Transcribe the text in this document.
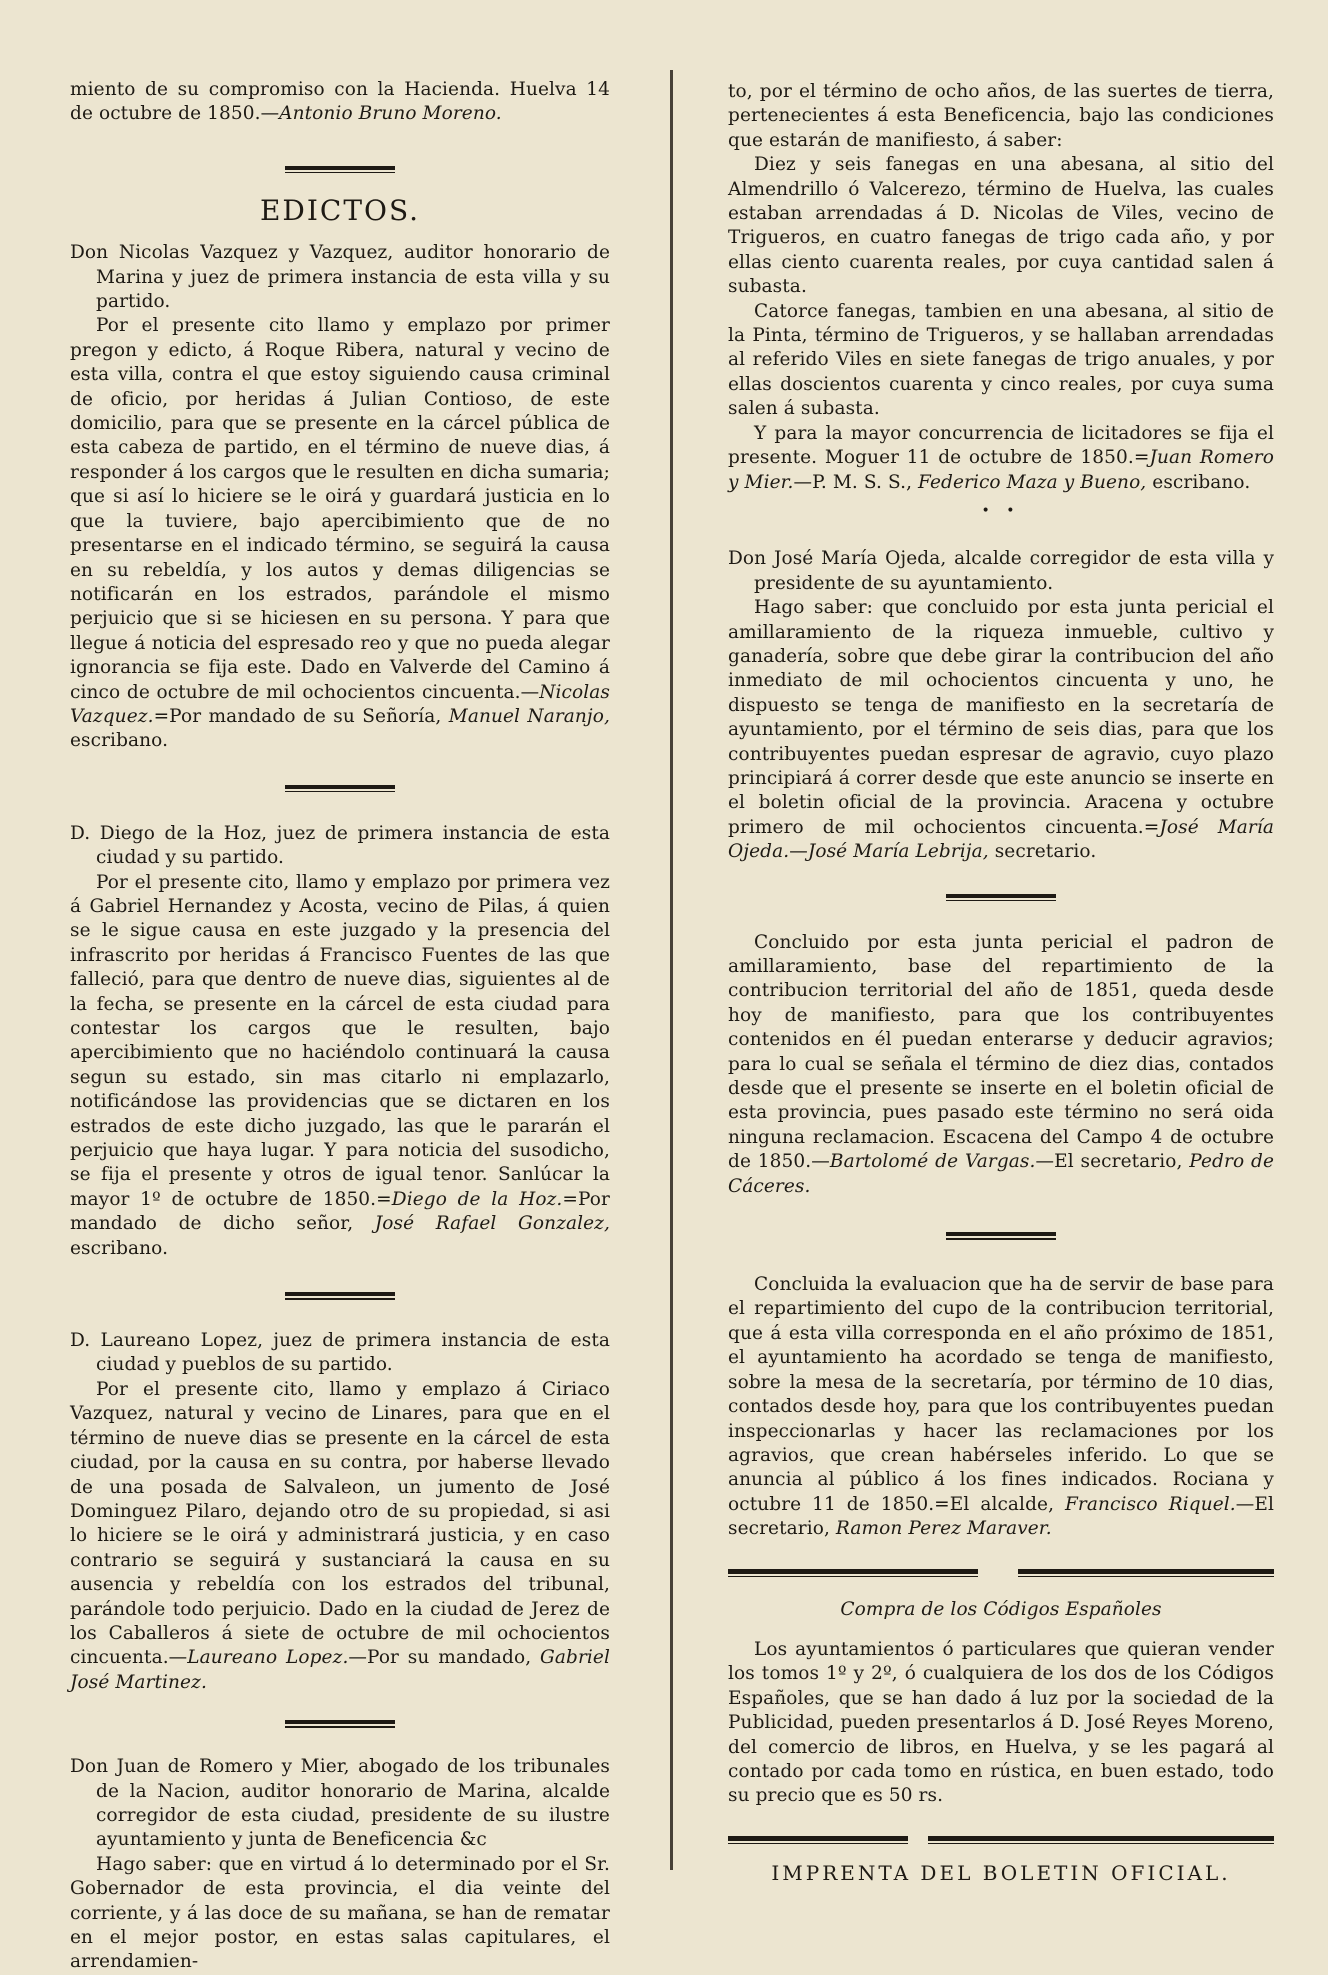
miento de su compromiso con la Hacienda. Huelva 14 de octubre de 1850.—Antonio Bruno Moreno.

EDICTOS.

Don Nicolas Vazquez y Vazquez, auditor honorario de Marina y juez de primera instancia de esta villa y su partido.

Por el presente cito llamo y emplazo por primer pregon y edicto, á Roque Ribera, natural y vecino de esta villa, contra el que estoy siguiendo causa criminal de oficio, por heridas á Julian Contioso, de este domicilio, para que se presente en la cárcel pública de esta cabeza de partido, en el término de nueve dias, á responder á los cargos que le resulten en dicha sumaria; que si así lo hiciere se le oirá y guardará justicia en lo que la tuviere, bajo apercibimiento que de no presentarse en el indicado término, se seguirá la causa en su rebeldía, y los autos y demas diligencias se notificarán en los estrados, parándole el mismo perjuicio que si se hiciesen en su persona. Y para que llegue á noticia del espresado reo y que no pueda alegar ignorancia se fija este. Dado en Valverde del Camino á cinco de octubre de mil ochocientos cincuenta.—Nicolas Vazquez.=Por mandado de su Señoría, Manuel Naranjo, escribano.

D. Diego de la Hoz, juez de primera instancia de esta ciudad y su partido.

Por el presente cito, llamo y emplazo por primera vez á Gabriel Hernandez y Acosta, vecino de Pilas, á quien se le sigue causa en este juzgado y la presencia del infrascrito por heridas á Francisco Fuentes de las que falleció, para que dentro de nueve dias, siguientes al de la fecha, se presente en la cárcel de esta ciudad para contestar los cargos que le resulten, bajo apercibimiento que no haciéndolo continuará la causa segun su estado, sin mas citarlo ni emplazarlo, notificándose las providencias que se dictaren en los estrados de este dicho juzgado, las que le pararán el perjuicio que haya lugar. Y para noticia del susodicho, se fija el presente y otros de igual tenor. Sanlúcar la mayor 1º de octubre de 1850.=Diego de la Hoz.=Por mandado de dicho señor, José Rafael Gonzalez, escribano.

D. Laureano Lopez, juez de primera instancia de esta ciudad y pueblos de su partido.

Por el presente cito, llamo y emplazo á Ciriaco Vazquez, natural y vecino de Linares, para que en el término de nueve dias se presente en la cárcel de esta ciudad, por la causa en su contra, por haberse llevado de una posada de Salvaleon, un jumento de José Dominguez Pilaro, dejando otro de su propiedad, si asi lo hiciere se le oirá y administrará justicia, y en caso contrario se seguirá y sustanciará la causa en su ausencia y rebeldía con los estrados del tribunal, parándole todo perjuicio. Dado en la ciudad de Jerez de los Caballeros á siete de octubre de mil ochocientos cincuenta.—Laureano Lopez.—Por su mandado, Gabriel José Martinez.

Don Juan de Romero y Mier, abogado de los tribunales de la Nacion, auditor honorario de Marina, alcalde corregidor de esta ciudad, presidente de su ilustre ayuntamiento y junta de Beneficencia &c

Hago saber: que en virtud á lo determinado por el Sr. Gobernador de esta provincia, el dia veinte del corriente, y á las doce de su mañana, se han de rematar en el mejor postor, en estas salas capitulares, el arrendamien-

to, por el término de ocho años, de las suertes de tierra, pertenecientes á esta Beneficencia, bajo las condiciones que estarán de manifiesto, á saber:

Diez y seis fanegas en una abesana, al sitio del Almendrillo ó Valcerezo, término de Huelva, las cuales estaban arrendadas á D. Nicolas de Viles, vecino de Trigueros, en cuatro fanegas de trigo cada año, y por ellas ciento cuarenta reales, por cuya cantidad salen á subasta.

Catorce fanegas, tambien en una abesana, al sitio de la Pinta, término de Trigueros, y se hallaban arrendadas al referido Viles en siete fanegas de trigo anuales, y por ellas doscientos cuarenta y cinco reales, por cuya suma salen á subasta.

Y para la mayor concurrencia de licitadores se fija el presente. Moguer 11 de octubre de 1850.=Juan Romero y Mier.—P. M. S. S., Federico Maza y Bueno, escribano.

• •

Don José María Ojeda, alcalde corregidor de esta villa y presidente de su ayuntamiento.

Hago saber: que concluido por esta junta pericial el amillaramiento de la riqueza inmueble, cultivo y ganadería, sobre que debe girar la contribucion del año inmediato de mil ochocientos cincuenta y uno, he dispuesto se tenga de manifiesto en la secretaría de ayuntamiento, por el término de seis dias, para que los contribuyentes puedan espresar de agravio, cuyo plazo principiará á correr desde que este anuncio se inserte en el boletin oficial de la provincia. Aracena y octubre primero de mil ochocientos cincuenta.=José María Ojeda.—José María Lebrija, secretario.

Concluido por esta junta pericial el padron de amillaramiento, base del repartimiento de la contribucion territorial del año de 1851, queda desde hoy de manifiesto, para que los contribuyentes contenidos en él puedan enterarse y deducir agravios; para lo cual se señala el término de diez dias, contados desde que el presente se inserte en el boletin oficial de esta provincia, pues pasado este término no será oida ninguna reclamacion. Escacena del Campo 4 de octubre de 1850.—Bartolomé de Vargas.—El secretario, Pedro de Cáceres.

Concluida la evaluacion que ha de servir de base para el repartimiento del cupo de la contribucion territorial, que á esta villa corresponda en el año próximo de 1851, el ayuntamiento ha acordado se tenga de manifiesto, sobre la mesa de la secretaría, por término de 10 dias, contados desde hoy, para que los contribuyentes puedan inspeccionarlas y hacer las reclamaciones por los agravios, que crean habérseles inferido. Lo que se anuncia al público á los fines indicados. Rociana y octubre 11 de 1850.=El alcalde, Francisco Riquel.—El secretario, Ramon Perez Maraver.

Compra de los Códigos Españoles

Los ayuntamientos ó particulares que quieran vender los tomos 1º y 2º, ó cualquiera de los dos de los Códigos Españoles, que se han dado á luz por la sociedad de la Publicidad, pueden presentarlos á D. José Reyes Moreno, del comercio de libros, en Huelva, y se les pagará al contado por cada tomo en rústica, en buen estado, todo su precio que es 50 rs.

IMPRENTA DEL BOLETIN OFICIAL.
